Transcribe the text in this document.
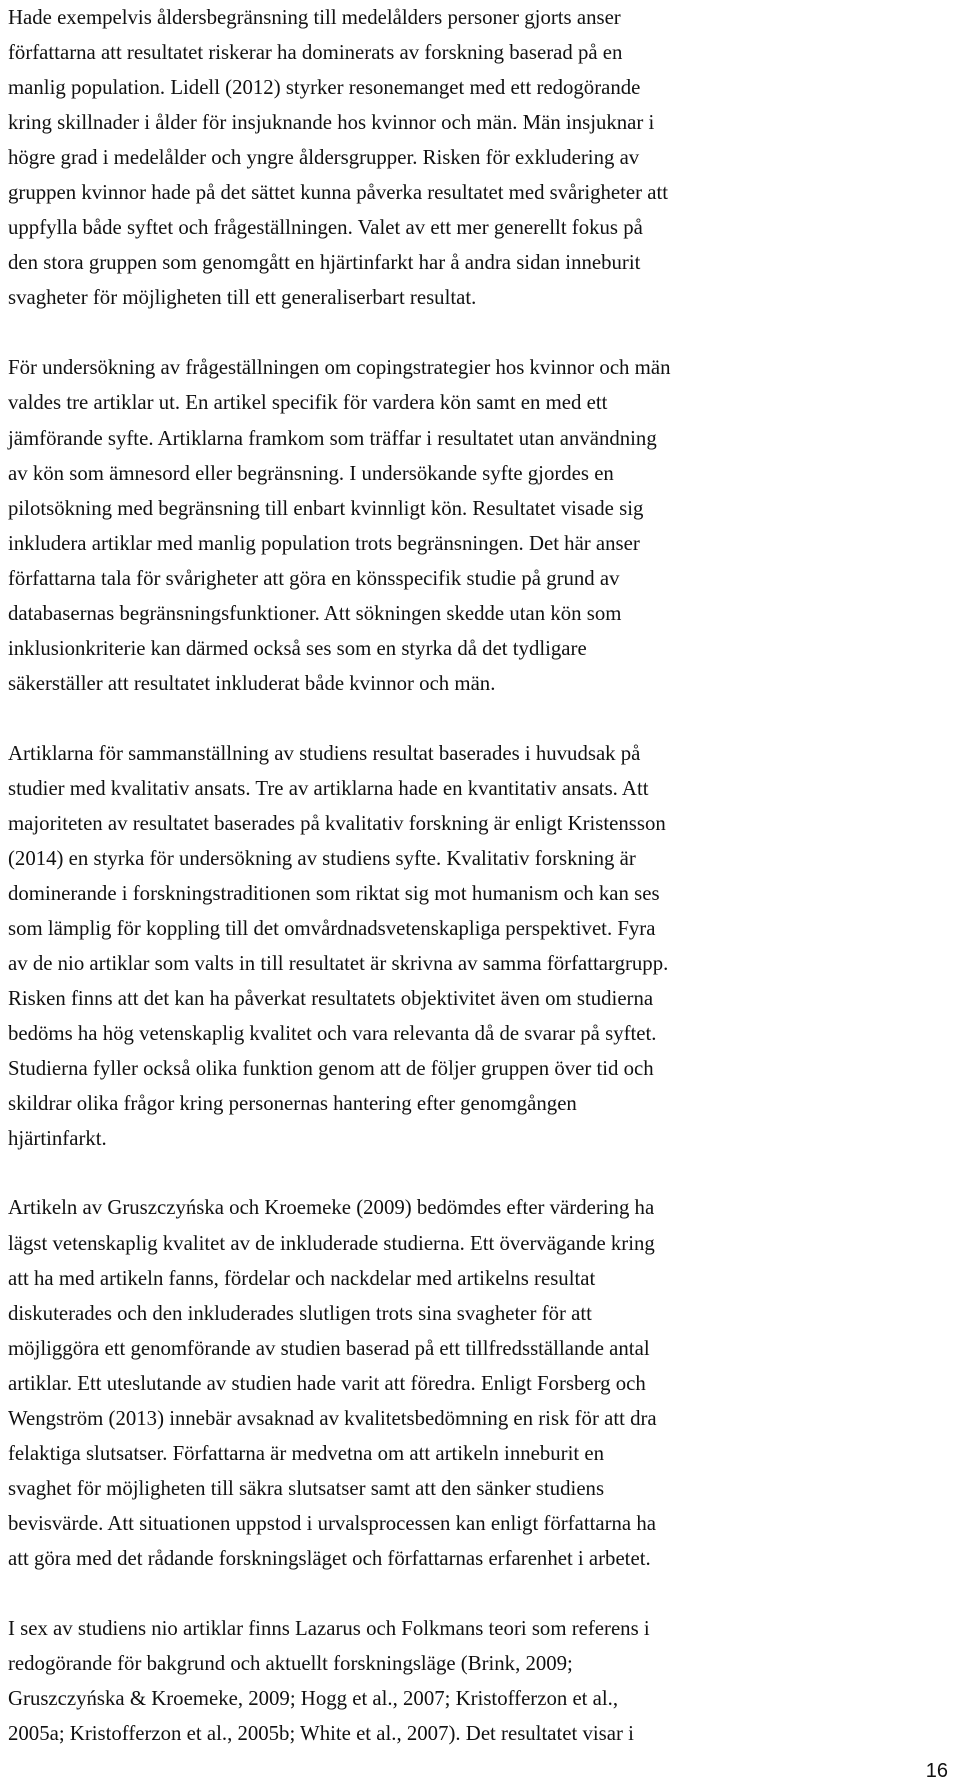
Hade exempelvis åldersbegränsning till medelålders personer gjorts anser
författarna att resultatet riskerar ha dominerats av forskning baserad på en
manlig population. Lidell (2012) styrker resonemanget med ett redogörande
kring skillnader i ålder för insjuknande hos kvinnor och män. Män insjuknar i
högre grad i medelålder och yngre åldersgrupper. Risken för exkludering av
gruppen kvinnor hade på det sättet kunna påverka resultatet med svårigheter att
uppfylla både syftet och frågeställningen. Valet av ett mer generellt fokus på
den stora gruppen som genomgått en hjärtinfarkt har å andra sidan inneburit
svagheter för möjligheten till ett generaliserbart resultat.

För undersökning av frågeställningen om copingstrategier hos kvinnor och män
valdes tre artiklar ut. En artikel specifik för vardera kön samt en med ett
jämförande syfte. Artiklarna framkom som träffar i resultatet utan användning
av kön som ämnesord eller begränsning. I undersökande syfte gjordes en
pilotsökning med begränsning till enbart kvinnligt kön. Resultatet visade sig
inkludera artiklar med manlig population trots begränsningen. Det här anser
författarna tala för svårigheter att göra en könsspecifik studie på grund av
databasernas begränsningsfunktioner. Att sökningen skedde utan kön som
inklusionkriterie kan därmed också ses som en styrka då det tydligare
säkerställer att resultatet inkluderat både kvinnor och män.

Artiklarna för sammanställning av studiens resultat baserades i huvudsak på
studier med kvalitativ ansats. Tre av artiklarna hade en kvantitativ ansats. Att
majoriteten av resultatet baserades på kvalitativ forskning är enligt Kristensson
(2014) en styrka för undersökning av studiens syfte. Kvalitativ forskning är
dominerande i forskningstraditionen som riktat sig mot humanism och kan ses
som lämplig för koppling till det omvårdnadsvetenskapliga perspektivet. Fyra
av de nio artiklar som valts in till resultatet är skrivna av samma författargrupp.
Risken finns att det kan ha påverkat resultatets objektivitet även om studierna
bedöms ha hög vetenskaplig kvalitet och vara relevanta då de svarar på syftet.
Studierna fyller också olika funktion genom att de följer gruppen över tid och
skildrar olika frågor kring personernas hantering efter genomgången
hjärtinfarkt.

Artikeln av Gruszczyńska och Kroemeke (2009) bedömdes efter värdering ha
lägst vetenskaplig kvalitet av de inkluderade studierna. Ett övervägande kring
att ha med artikeln fanns, fördelar och nackdelar med artikelns resultat
diskuterades och den inkluderades slutligen trots sina svagheter för att
möjliggöra ett genomförande av studien baserad på ett tillfredsställande antal
artiklar. Ett uteslutande av studien hade varit att föredra. Enligt Forsberg och
Wengström (2013) innebär avsaknad av kvalitetsbedömning en risk för att dra
felaktiga slutsatser. Författarna är medvetna om att artikeln inneburit en
svaghet för möjligheten till säkra slutsatser samt att den sänker studiens
bevisvärde. Att situationen uppstod i urvalsprocessen kan enligt författarna ha
att göra med det rådande forskningsläget och författarnas erfarenhet i arbetet.

I sex av studiens nio artiklar finns Lazarus och Folkmans teori som referens i
redogörande för bakgrund och aktuellt forskningsläge (Brink, 2009;
Gruszczyńska & Kroemeke, 2009; Hogg et al., 2007; Kristofferzon et al.,
2005a; Kristofferzon et al., 2005b; White et al., 2007). Det resultatet visar i

16
